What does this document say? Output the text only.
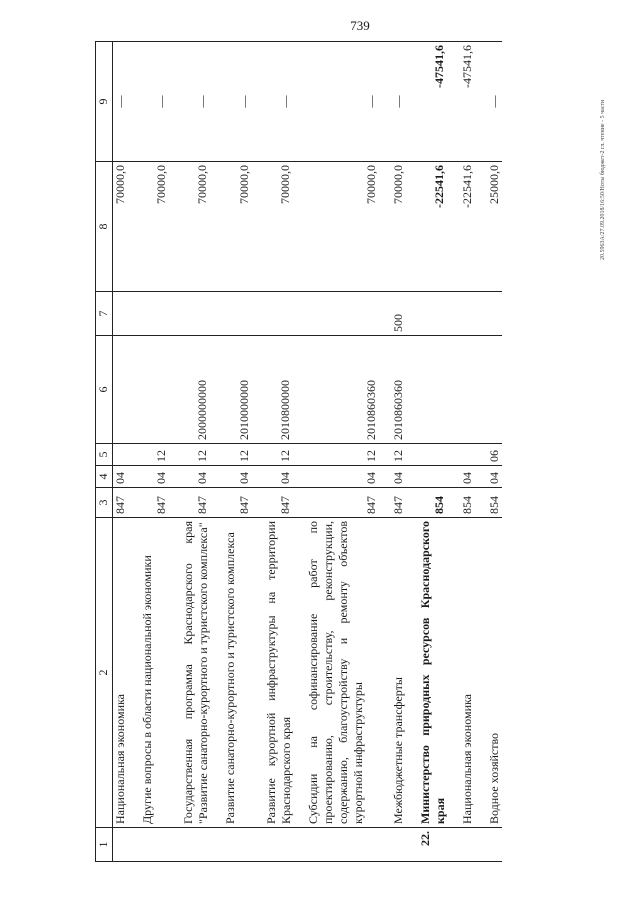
739
20.5963А/27.09.2018/16:50/Ноты бюджет-2 гл. чтение - 5 части
1	2	3	4	5	6	7	8	9
	Национальная экономика	847	04				70000,0	—
	Другие вопросы в области национальной экономики	847	04	12			70000,0	—
	Государственная программа Краснодарского края "Развитие санаторно-курортного и туристского комплекса"	847	04	12	2000000000		70000,0	—
	Развитие санаторно-курортного и туристского комплекса	847	04	12	2010000000		70000,0	—
	Развитие курортной инфраструктуры на территории Краснодарского края	847	04	12	2010800000		70000,0	—
	Субсидии на софинансирование работ по проектированию, строительству, реконструкции, содержанию, благоустройству и ремонту объектов курортной инфраструктуры	847	04	12	2010860360		70000,0	—
	Межбюджетные трансферты	847	04	12	2010860360	500	70000,0	—
22.	Министерство природных ресурсов Краснодарского края	854					-22541,6	-47541,6
	Национальная экономика	854	04				-22541,6	-47541,6
	Водное хозяйство	854	04	06			25000,0	—
